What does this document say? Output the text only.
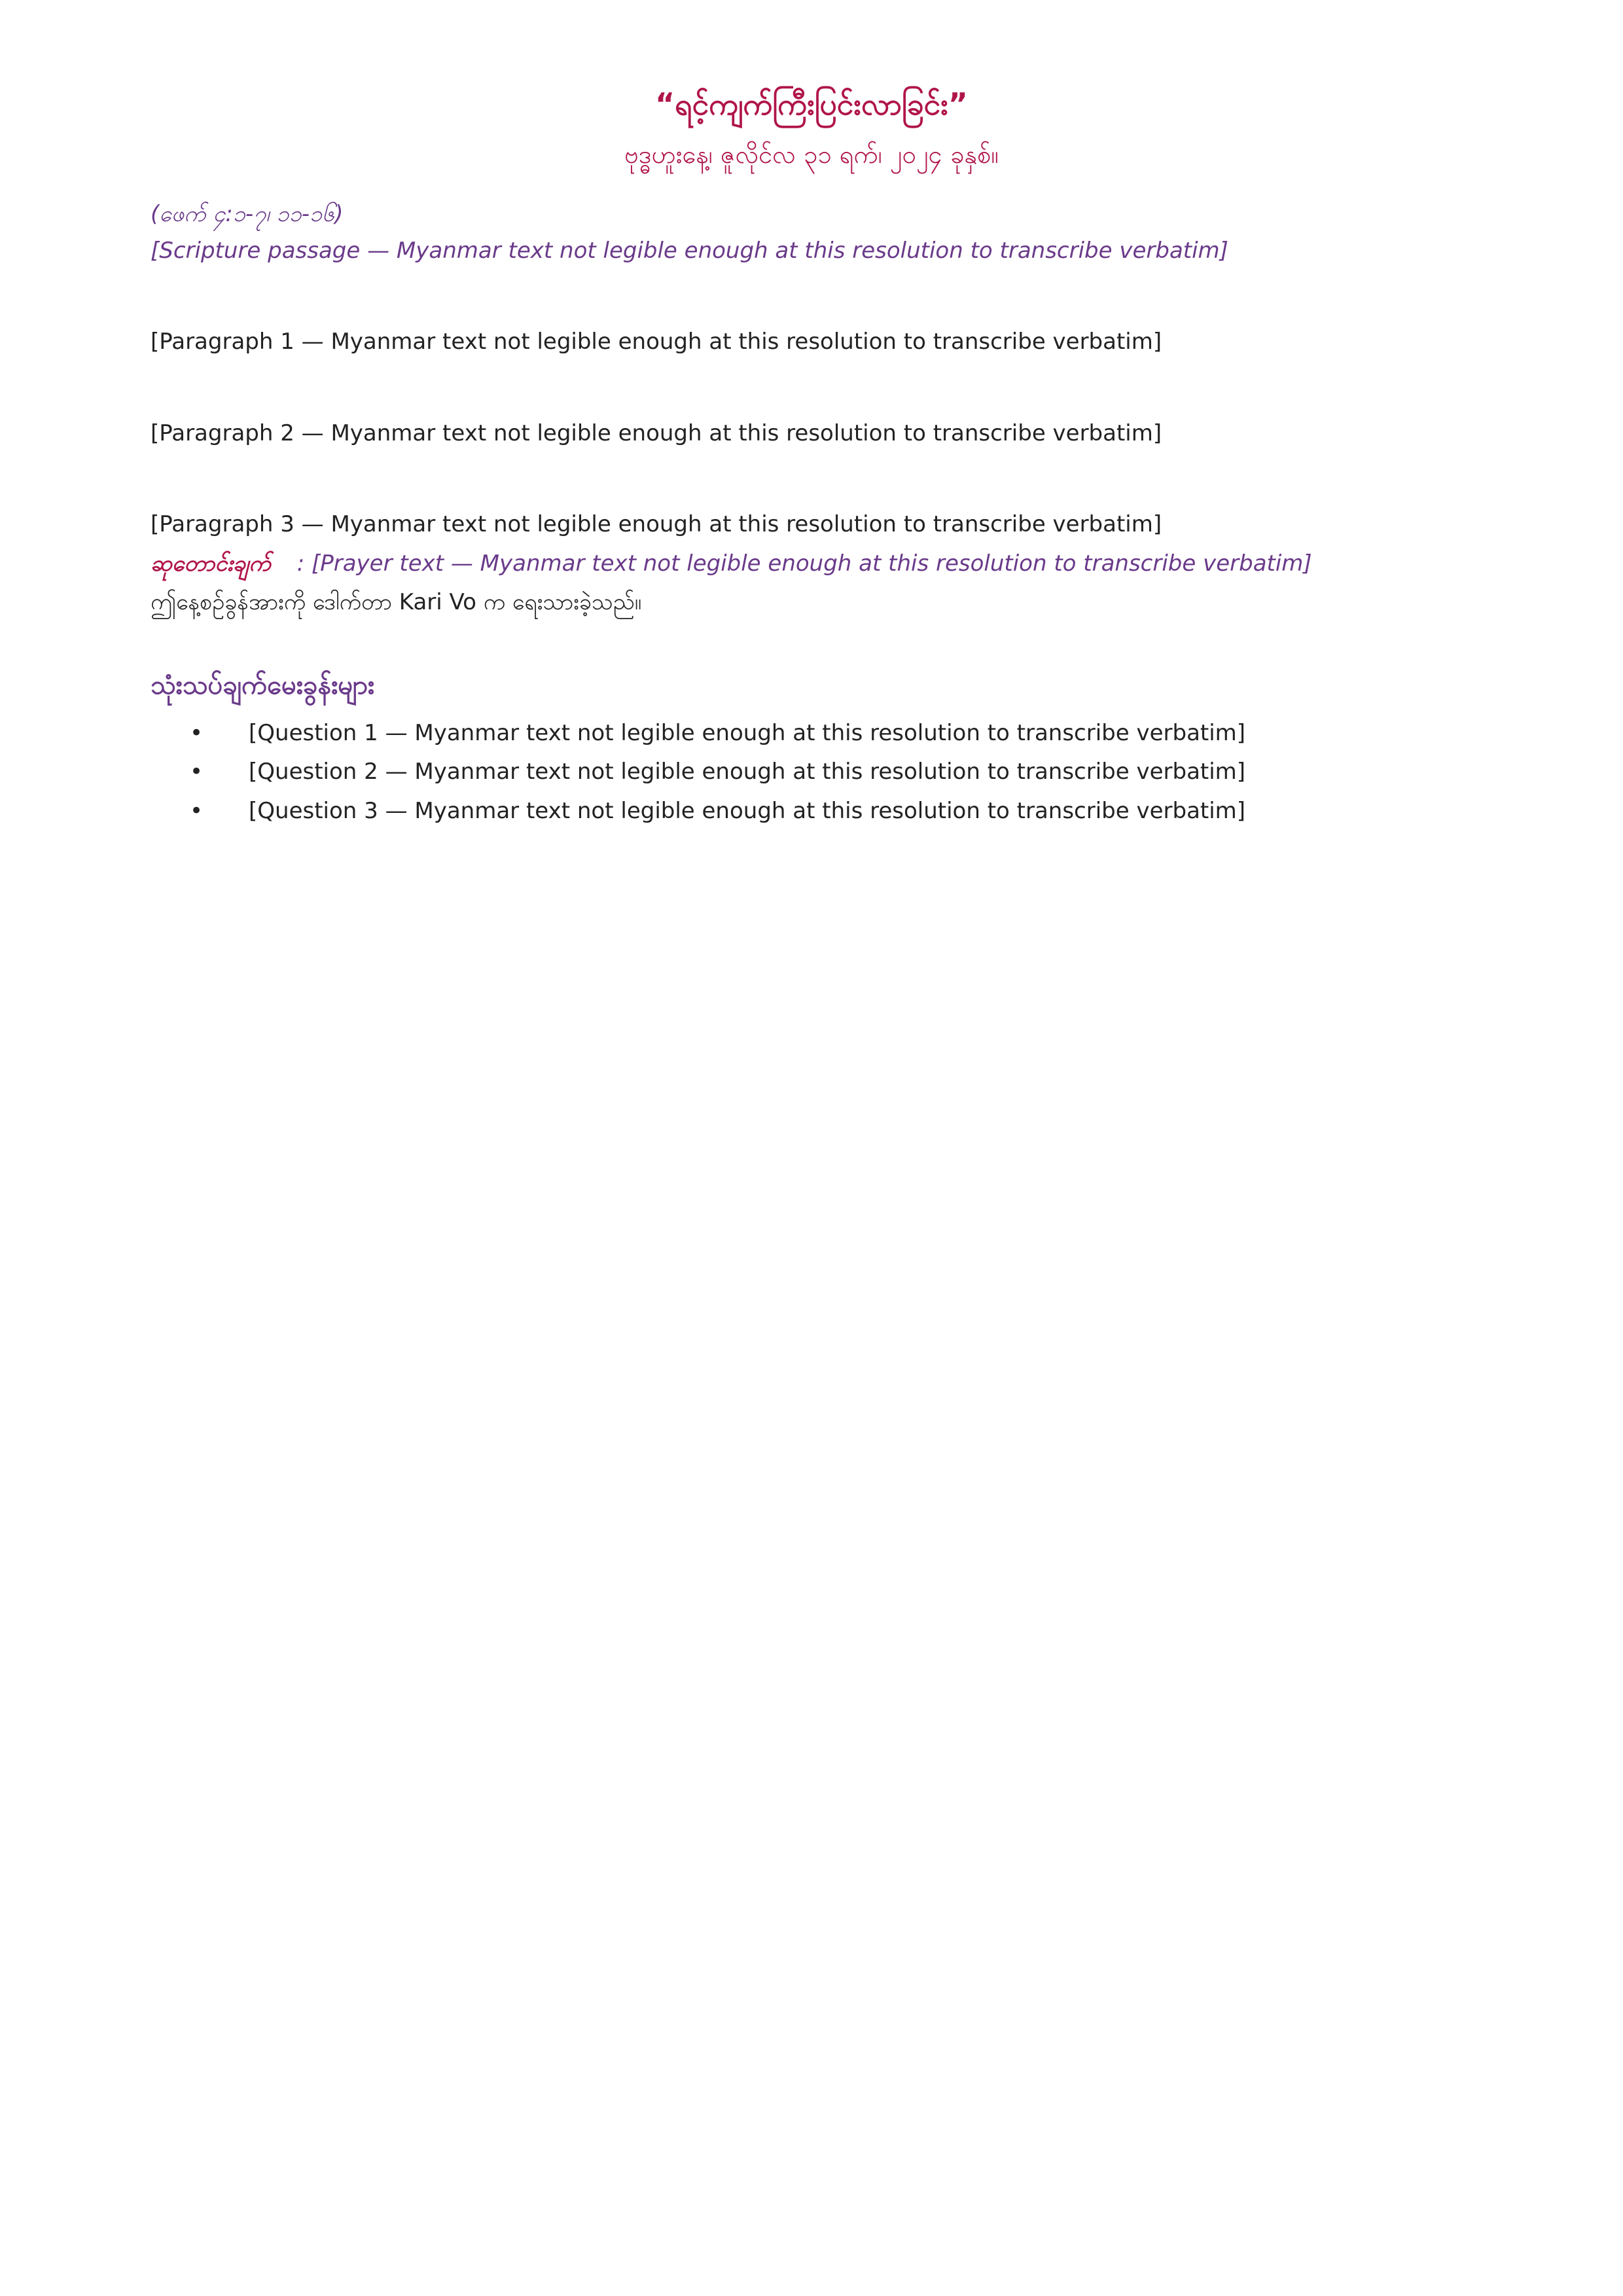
“ရင့်ကျက်ကြီးပြင်းလာခြင်း”
ဗုဒ္ဓဟူးနေ့၊ ဇူလိုင်လ ၃၁ ရက်၊ ၂၀၂၄ ခုနှစ်။

(ဖေက် ၄:၁-၇၊ ၁၁-၁၆)

[Scripture passage — Myanmar text not legible enough at this resolution to transcribe verbatim]

[Paragraph 1 — Myanmar text not legible enough at this resolution to transcribe verbatim]

[Paragraph 2 — Myanmar text not legible enough at this resolution to transcribe verbatim]

[Paragraph 3 — Myanmar text not legible enough at this resolution to transcribe verbatim]

ဆုတောင်းချက် : [Prayer text — Myanmar text not legible enough at this resolution to transcribe verbatim]

ဤနေ့စဉ်ခွန်အားကို ဒေါက်တာ Kari Vo က ရေးသားခဲ့သည်။

သုံးသပ်ချက်မေးခွန်းများ
• [Question 1 — Myanmar text not legible enough at this resolution to transcribe verbatim]
• [Question 2 — Myanmar text not legible enough at this resolution to transcribe verbatim]
• [Question 3 — Myanmar text not legible enough at this resolution to transcribe verbatim]
